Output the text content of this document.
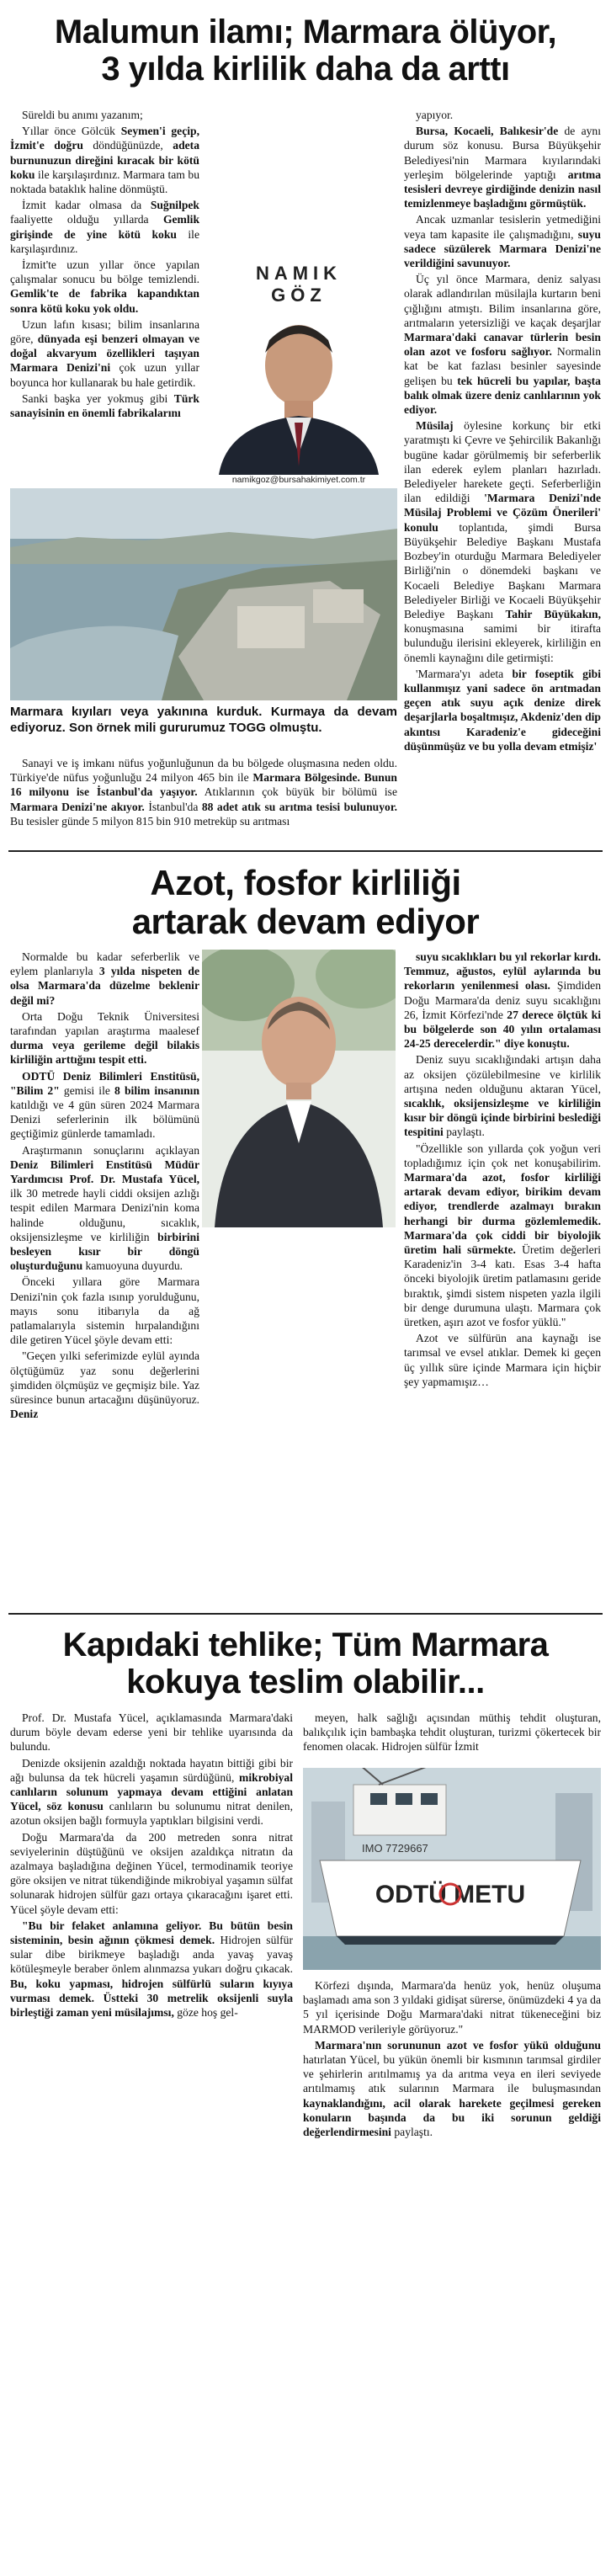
Malumun ilamı; Marmara ölüyor,
3 yılda kirlilik daha da arttı

Süreldi bu anımı yazanım;

Yıllar önce Gölcük Seymen'i geçip, İzmit'e doğru döndüğünüzde, adeta burnunuzun direğini kıracak bir kötü koku ile karşılaşırdınız. Marmara tam bu noktada bataklık haline dönmüştü.

İzmit kadar olmasa da Suğnilpek faaliyette olduğu yıllarda Gemlik girişinde de yine kötü koku ile karşılaşırdınız.

İzmit'te uzun yıllar önce yapılan çalışmalar sonucu bu bölge temizlendi. Gemlik'te de fabrika kapandıktan sonra kötü koku yok oldu.

Uzun lafın kısası; bilim insanlarına göre, dünyada eşi benzeri olmayan ve doğal akvaryum özellikleri taşıyan Marmara Denizi'ni çok uzun yıllar boyunca hor kullanarak bu hale getirdik.

Sanki başka yer yokmuş gibi Türk sanayisinin en önemli fabrikalarını

NAMIK
GÖZ
namikgoz@bursahakimiyet.com.tr

yapıyor.

Bursa, Kocaeli, Balıkesir'de de aynı durum söz konusu. Bursa Büyükşehir Belediyesi'nin Marmara kıyılarındaki yerleşim bölgelerinde yaptığı arıtma tesisleri devreye girdiğinde denizin nasıl temizlenmeye başladığını görmüştük.

Ancak uzmanlar tesislerin yetmediğini veya tam kapasite ile çalışmadığını, suyu sadece süzülerek Marmara Denizi'ne verildiğini savunuyor.

Üç yıl önce Marmara, deniz salyası olarak adlandırılan müsilajla kurtarın beni çığlığını atmıştı. Bilim insanlarına göre, arıtmaların yetersizliği ve kaçak deşarjlar Marmara'daki canavar türlerin besin olan azot ve fosforu sağlıyor. Normalin kat be kat fazlası besinler sayesinde gelişen bu tek hücreli bu yapılar, başta balık olmak üzere deniz canlılarının yok ediyor.

Müsilaj öylesine korkunç bir etki yaratmıştı ki Çevre ve Şehircilik Bakanlığı bugüne kadar görülmemiş bir seferberlik ilan ederek eylem planları hazırladı. Belediyeler harekete geçti. Seferberliğin ilan edildiği 'Marmara Denizi'nde Müsilaj Problemi ve Çözüm Önerileri' konulu toplantıda, şimdi Bursa Büyükşehir Belediye Başkanı Mustafa Bozbey'in oturduğu Marmara Belediyeler Birliği'nin o dönemdeki başkanı ve Kocaeli Belediye Başkanı Marmara Belediyeler Birliği ve Kocaeli Büyükşehir Belediye Başkanı Tahir Büyükakın, konuşmasına samimi bir itirafta bulunduğu ilerisini ekleyerek, kirliliğin en önemli kaynağını dile getirmişti:

'Marmara'yı adeta bir foseptik gibi kullanmışız yani sadece ön arıtmadan geçen atık suyu açık denize direk deşarjlarla boşaltmışız, Akdeniz'den dip akıntısı Karadeniz'e gideceğini düşünmüşüz ve bu yolla devam etmişiz'

Marmara kıyıları veya yakınına kurduk. Kurmaya da devam ediyoruz. Son örnek mili gururumuz TOGG olmuştu.

Sanayi ve iş imkanı nüfus yoğunluğunun da bu bölgede oluşmasına neden oldu. Türkiye'de nüfus yoğunluğu 24 milyon 465 bin ile Marmara Bölgesinde. Bunun 16 milyonu ise İstanbul'da yaşıyor. Atıklarının çok büyük bir bölümü ise Marmara Denizi'ne akıyor. İstanbul'da 88 adet atık su arıtma tesisi bulunuyor. Bu tesisler günde 5 milyon 815 bin 910 metreküp su arıtması

Azot, fosfor kirliliği
artarak devam ediyor

Normalde bu kadar seferberlik ve eylem planlarıyla 3 yılda nispeten de olsa Marmara'da düzelme beklenir değil mi?

Orta Doğu Teknik Üniversitesi tarafından yapılan araştırma maalesef durma veya gerileme değil bilakis kirliliğin arttığını tespit etti.

ODTÜ Deniz Bilimleri Enstitüsü, "Bilim 2" gemisi ile 8 bilim insanının katıldığı ve 4 gün süren 2024 Marmara Denizi seferlerinin ilk bölümünü geçtiğimiz günlerde tamamladı.

Araştırmanın sonuçlarını açıklayan Deniz Bilimleri Enstitüsü Müdür Yardımcısı Prof. Dr. Mustafa Yücel, ilk 30 metrede hayli ciddi oksijen azlığı tespit edilen Marmara Denizi'nin koma halinde olduğunu, sıcaklık, oksijensizleşme ve kirliliğin birbirini besleyen kısır bir döngü oluşturduğunu kamuoyuna duyurdu.

Önceki yıllara göre Marmara Denizi'nin çok fazla ısınıp yorulduğunu, mayıs sonu itibarıyla da ağ patlamalarıyla sistemin hırpalandığını dile getiren Yücel şöyle devam etti:

"Geçen yılki seferimizde eylül ayında ölçtüğümüz yaz sonu değerlerini şimdiden ölçmüşüz ve geçmişiz bile. Yaz süresince bunun artacağını düşünüyoruz. Deniz

suyu sıcaklıkları bu yıl rekorlar kırdı. Temmuz, ağustos, eylül aylarında bu rekorların yenilenmesi olası. Şimdiden Doğu Marmara'da deniz suyu sıcaklığını 26, İzmit Körfezi'nde 27 derece ölçtük ki bu bölgelerde son 40 yılın ortalaması 24-25 derecelerdir." diye konuştu.

Deniz suyu sıcaklığındaki artışın daha az oksijen çözülebilmesine ve kirlilik artışına neden olduğunu aktaran Yücel, sıcaklık, oksijensizleşme ve kirliliğin kısır bir döngü içinde birbirini beslediği tespitini paylaştı.

"Özellikle son yıllarda çok yoğun veri topladığımız için çok net konuşabilirim. Marmara'da azot, fosfor kirliliği artarak devam ediyor, birikim devam ediyor, trendlerde azalmayı bırakın herhangi bir durma gözlemlemedik. Marmara'da çok ciddi bir biyolojik üretim hali sürmekte. Üretim değerleri Karadeniz'in 3-4 katı. Esas 3-4 hafta önceki biyolojik üretim patlamasını geride bıraktık, şimdi sistem nispeten yazla ilgili bir denge durumuna ulaştı. Marmara çok üretken, aşırı azot ve fosfor yüklü."

Azot ve sülfürün ana kaynağı ise tarımsal ve evsel atıklar. Demek ki geçen üç yıllık süre içinde Marmara için hiçbir şey yapmamışız…

Kapıdaki tehlike; Tüm Marmara
kokuya teslim olabilir...

Prof. Dr. Mustafa Yücel, açıklamasında Marmara'daki durum böyle devam ederse yeni bir tehlike uyarısında da bulundu.

Denizde oksijenin azaldığı noktada hayatın bittiği gibi bir ağı bulunsa da tek hücreli yaşamın sürdüğünü, mikrobiyal canlıların solunum yapmaya devam ettiğini anlatan Yücel, söz konusu canlıların bu solunumu nitrat denilen, azotun oksijen bağlı formuyla yaptıkları bilgisini verdi.

Doğu Marmara'da da 200 metreden sonra nitrat seviyelerinin düştüğünü ve oksijen azaldıkça nitratın da azalmaya başladığına değinen Yücel, termodinamik teoriye göre oksijen ve nitrat tükendiğinde mikrobiyal yaşamın sülfat solunarak hidrojen sülfür gazı ortaya çıkaracağını işaret etti. Yücel şöyle devam etti:

"Bu bir felaket anlamına geliyor. Bu bütün besin sisteminin, besin ağının çökmesi demek. Hidrojen sülfür sular dibe birikmeye başladığı anda yavaş yavaş kötüleşmeyle beraber önlem alınmazsa yukarı doğru çıkacak. Bu, koku yapması, hidrojen sülfürlü suların kıyıya vurması demek. Üstteki 30 metrelik oksijenli suyla birleştiği zaman yeni müsilajımsı, göze hoş gel-

meyen, halk sağlığı açısından müthiş tehdit oluşturan, balıkçılık için bambaşka tehdit oluşturan, turizmi çökertecek bir fenomen olacak. Hidrojen sülfür İzmit

IMO 7729667
ODTÜ METU

Körfezi dışında, Marmara'da henüz yok, henüz oluşuma başlamadı ama son 3 yıldaki gidişat sürerse, önümüzdeki 4 ya da 5 yıl içerisinde Doğu Marmara'daki nitrat tükeneceğini biz MARMOD verileriyle görüyoruz."

Marmara'nın sorununun azot ve fosfor yükü olduğunu hatırlatan Yücel, bu yükün önemli bir kısmının tarımsal girdiler ve şehirlerin arıtılmamış ya da arıtma veya en ileri seviyede arıtılmamış atık sularının Marmara ile buluşmasından kaynaklandığını, acil olarak harekete geçilmesi gereken konuların başında da bu iki sorunun geldiği değerlendirmesini paylaştı.
